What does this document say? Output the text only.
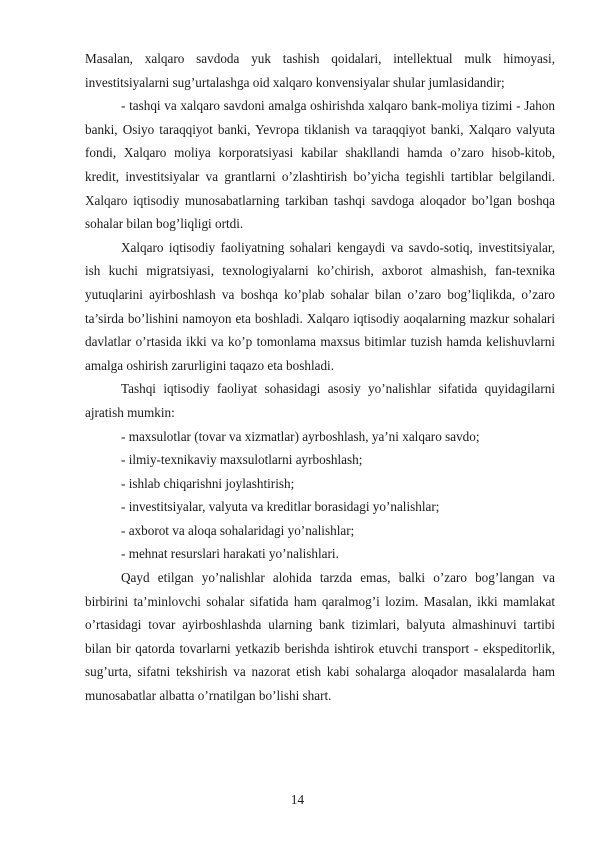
Masalan, xalqaro savdoda yuk tashish qoidalari, intellektual mulk himoyasi, investitsiyalarni sug’urtalashga oid xalqaro konvensiyalar shular jumlasidandir;

- tashqi va xalqaro savdoni amalga oshirishda xalqaro bank-moliya tizimi - Jahon banki, Osiyo taraqqiyot banki, Yevropa tiklanish va taraqqiyot banki, Xalqaro valyuta fondi, Xalqaro moliya korporatsiyasi kabilar shakllandi hamda o’zaro hisob-kitob, kredit, investitsiyalar va grantlarni o’zlashtirish bo’yicha tegishli tartiblar belgilandi. Xalqaro iqtisodiy munosabatlarning tarkiban tashqi savdoga aloqador bo’lgan boshqa sohalar bilan bog’liqligi ortdi.

Xalqaro iqtisodiy faoliyatning sohalari kengaydi va savdo-sotiq, investitsiyalar, ish kuchi migratsiyasi, texnologiyalarni ko’chirish, axborot almashish, fan-texnika yutuqlarini ayirboshlash va boshqa ko’plab sohalar bilan o’zaro bog’liqlikda, o’zaro ta’sirda bo’lishini namoyon eta boshladi. Xalqaro iqtisodiy aoqalarning mazkur sohalari davlatlar o’rtasida ikki va ko’p tomonlama maxsus bitimlar tuzish hamda kelishuvlarni amalga oshirish zarurligini taqazo eta boshladi.

Tashqi iqtisodiy faoliyat sohasidagi asosiy yo’nalishlar sifatida quyidagilarni ajratish mumkin:

- maxsulotlar (tovar va xizmatlar) ayrboshlash, ya’ni xalqaro savdo;

- ilmiy-texnikaviy maxsulotlarni ayrboshlash;

- ishlab chiqarishni joylashtirish;

- investitsiyalar, valyuta va kreditlar borasidagi yo’nalishlar;

- axborot va aloqa sohalaridagi yo’nalishlar;

- mehnat resurslari harakati yo’nalishlari.

Qayd etilgan yo’nalishlar alohida tarzda emas, balki o’zaro bog’langan va birbirini ta’minlovchi sohalar sifatida ham qaralmog’i lozim. Masalan, ikki mamlakat o’rtasidagi tovar ayirboshlashda ularning bank tizimlari, balyuta almashinuvi tartibi bilan bir qatorda tovarlarni yetkazib berishda ishtirok etuvchi transport - ekspeditorlik, sug’urta, sifatni tekshirish va nazorat etish kabi sohalarga aloqador masalalarda ham munosabatlar albatta o’rnatilgan bo’lishi shart.

14
